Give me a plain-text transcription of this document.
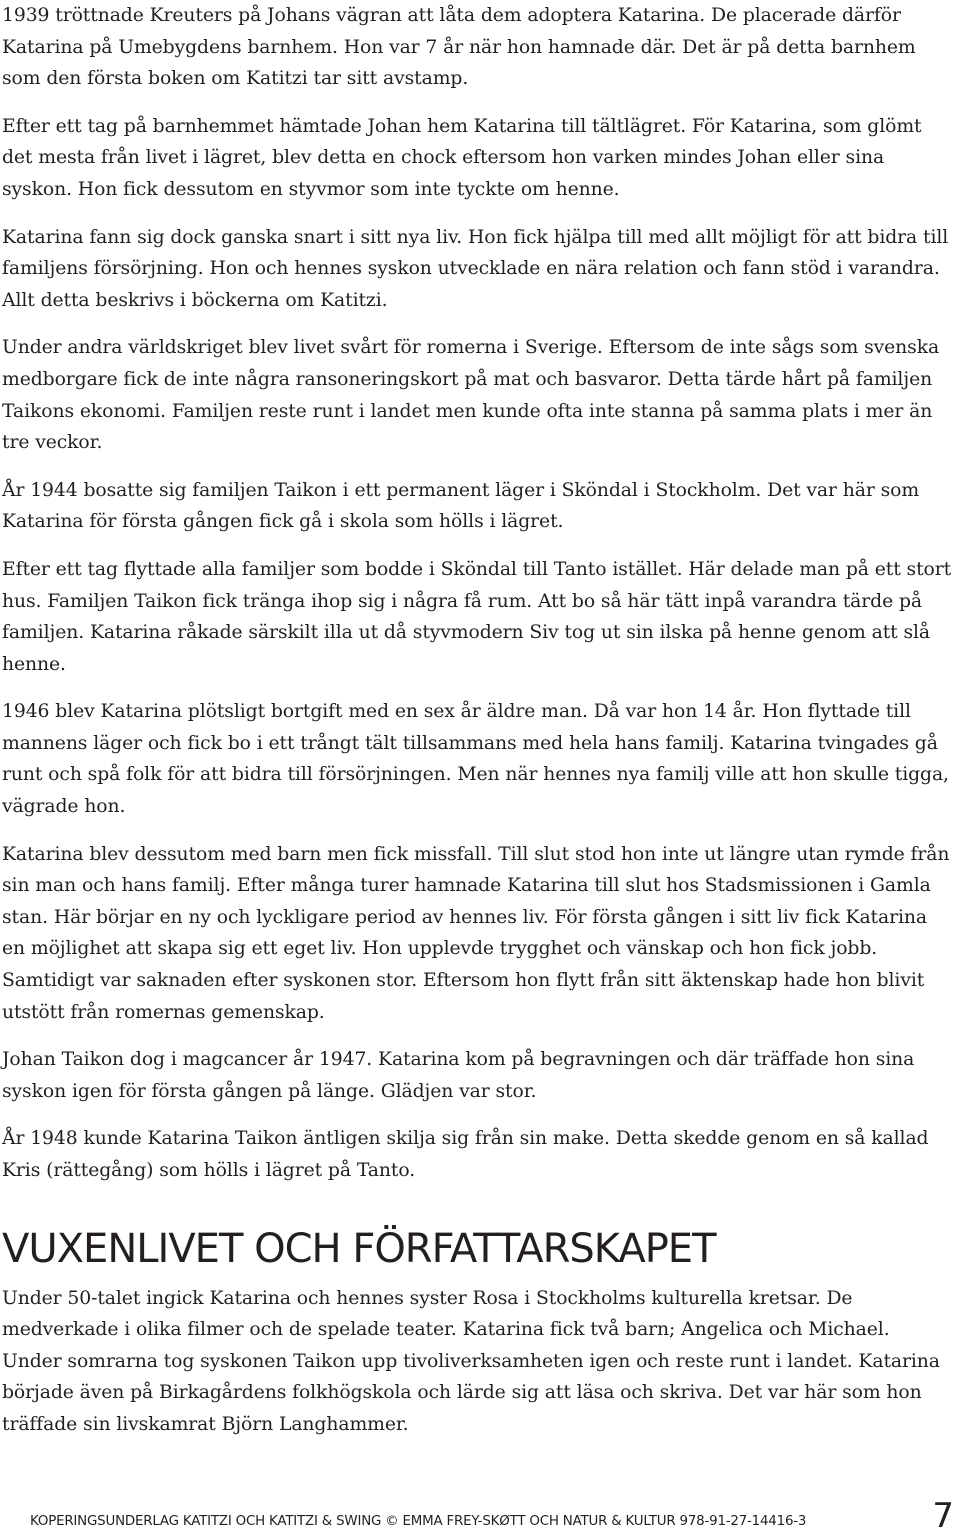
1939 tröttnade Kreuters på Johans vägran att låta dem adoptera Katarina. De placerade därför Katarina på Umebygdens barnhem. Hon var 7 år när hon hamnade där. Det är på detta barnhem som den första boken om Katitzi tar sitt avstamp.

Efter ett tag på barnhemmet hämtade Johan hem Katarina till tältlägret. För Katarina, som glömt det mesta från livet i lägret, blev detta en chock eftersom hon varken mindes Johan eller sina syskon. Hon fick dessutom en styvmor som inte tyckte om henne.

Katarina fann sig dock ganska snart i sitt nya liv. Hon fick hjälpa till med allt möjligt för att bidra till familjens försörjning. Hon och hennes syskon utvecklade en nära relation och fann stöd i varandra. Allt detta beskrivs i böckerna om Katitzi.

Under andra världskriget blev livet svårt för romerna i Sverige. Eftersom de inte sågs som svenska medborgare fick de inte några ransoneringskort på mat och basvaror. Detta tärde hårt på familjen Taikons ekonomi. Familjen reste runt i landet men kunde ofta inte stanna på samma plats i mer än tre veckor.

År 1944 bosatte sig familjen Taikon i ett permanent läger i Sköndal i Stockholm. Det var här som Katarina för första gången fick gå i skola som hölls i lägret.

Efter ett tag flyttade alla familjer som bodde i Sköndal till Tanto istället. Här delade man på ett stort hus. Familjen Taikon fick tränga ihop sig i några få rum. Att bo så här tätt inpå varandra tärde på familjen. Katarina råkade särskilt illa ut då styvmodern Siv tog ut sin ilska på henne genom att slå henne.

1946 blev Katarina plötsligt bortgift med en sex år äldre man. Då var hon 14 år. Hon flyttade till mannens läger och fick bo i ett trångt tält tillsammans med hela hans familj. Katarina tvingades gå runt och spå folk för att bidra till försörjningen. Men när hennes nya familj ville att hon skulle tigga, vägrade hon.

Katarina blev dessutom med barn men fick missfall. Till slut stod hon inte ut längre utan rymde från sin man och hans familj. Efter många turer hamnade Katarina till slut hos Stadsmissionen i Gamla stan. Här börjar en ny och lyckligare period av hennes liv. För första gången i sitt liv fick Katarina en möjlighet att skapa sig ett eget liv. Hon upplevde trygghet och vänskap och hon fick jobb. Samtidigt var saknaden efter syskonen stor. Eftersom hon flytt från sitt äktenskap hade hon blivit utstött från romernas gemenskap.

Johan Taikon dog i magcancer år 1947. Katarina kom på begravningen och där träffade hon sina syskon igen för första gången på länge. Glädjen var stor.

År 1948 kunde Katarina Taikon äntligen skilja sig från sin make. Detta skedde genom en så kallad Kris (rättegång) som hölls i lägret på Tanto.

VUXENLIVET OCH FÖRFATTARSKAPET

Under 50-talet ingick Katarina och hennes syster Rosa i Stockholms kulturella kretsar. De medverkade i olika filmer och de spelade teater. Katarina fick två barn; Angelica och Michael. Under somrarna tog syskonen Taikon upp tivoliverksamheten igen och reste runt i landet. Katarina började även på Birkagårdens folkhögskola och lärde sig att läsa och skriva. Det var här som hon träffade sin livskamrat Björn Langhammer.

KOPERINGSUNDERLAG KATITZI OCH KATITZI & SWING © EMMA FREY-SKØTT OCH NATUR & KULTUR 978-91-27-14416-3	7
